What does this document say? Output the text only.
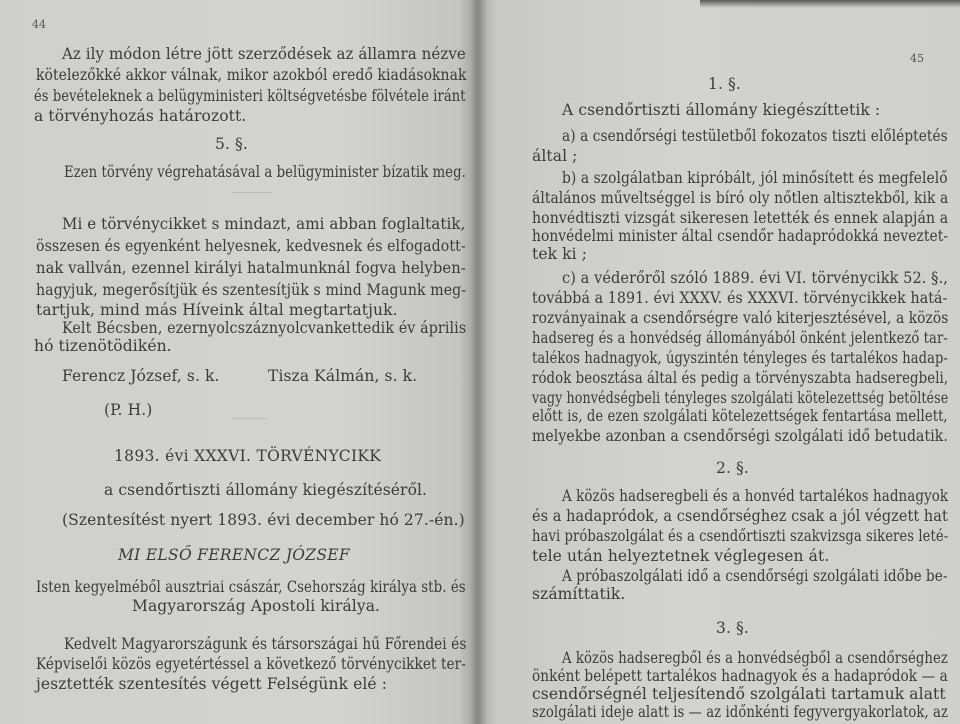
44
Az ily módon létre jött szerződések az államra nézve
kötelezőkké akkor válnak, mikor azokból eredő kiadásoknak
és bevételeknek a belügyministeri költségvetésbe fölvétele iránt
a törvényhozás határozott.
5. §.
Ezen törvény végrehatásával a belügyminister bízatik meg.
Mi e törvénycikket s mindazt, ami abban foglaltatik,
összesen és egyenként helyesnek, kedvesnek és elfogadott-
nak vallván, ezennel királyi hatalmunknál fogva helyben-
hagyjuk, megerősítjük és szentesítjük s mind Magunk meg-
tartjuk, mind más Híveink által megtartatjuk.
Kelt Bécsben, ezernyolcszáznyolcvankettedik év április
hó tizenötödikén.
Ferencz József, s. k.	Tisza Kálmán, s. k.
(P. H.)
1893. évi XXXVI. TÖRVÉNYCIKK
a csendőrtiszti állomány kiegészítéséről.
(Szentesítést nyert 1893. évi december hó 27.-én.)
MI ELSŐ FERENCZ JÓZSEF
Isten kegyelméből ausztriai császár, Csehország királya stb. és
Magyarország Apostoli királya.
Kedvelt Magyarországunk és társországai hű Főrendei és
Képviselői közös egyetértéssel a következő törvénycikket ter-
jesztették szentesítés végett Felségünk elé :
45
1. §.
A csendőrtiszti állomány kiegészíttetik :
a) a csendőrségi testületből fokozatos tiszti előléptetés
által ;
b) a szolgálatban kipróbált, jól minősített és megfelelő
általános műveltséggel is bíró oly nőtlen altisztekből, kik a
honvédtiszti vizsgát sikeresen letették és ennek alapján a
honvédelmi minister által csendőr hadapródokká neveztet-
tek ki ;
c) a véderőről szóló 1889. évi VI. törvénycikk 52. §.,
továbbá a 1891. évi XXXV. és XXXVI. törvénycikkek hatá-
rozványainak a csendőrségre való kiterjesztésével, a közös
hadsereg és a honvédség állományából önként jelentkező tar-
talékos hadnagyok, úgyszintén tényleges és tartalékos hadap-
ródok beosztása által és pedig a törvényszabta hadseregbeli,
vagy honvédségbeli tényleges szolgálati kötelezettség betöltése
előtt is, de ezen szolgálati kötelezettségek fentartása mellett,
melyekbe azonban a csendőrségi szolgálati idő betudatik.
2. §.
A közös hadseregbeli és a honvéd tartalékos hadnagyok
és a hadapródok, a csendőrséghez csak a jól végzett hat
havi próbaszolgálat és a csendőrtiszti szakvizsga sikeres leté-
tele után helyeztetnek véglegesen át.
A próbaszolgálati idő a csendőrségi szolgálati időbe be-
számíttatik.
3. §.
A közös hadseregből és a honvédségből a csendőrséghez
önként belépett tartalékos hadnagyok és a hadapródok — a
csendőrségnél teljesítendő szolgálati tartamuk alatt
szolgálati ideje alatt is — az időnkénti fegyvergyakorlatok, az
